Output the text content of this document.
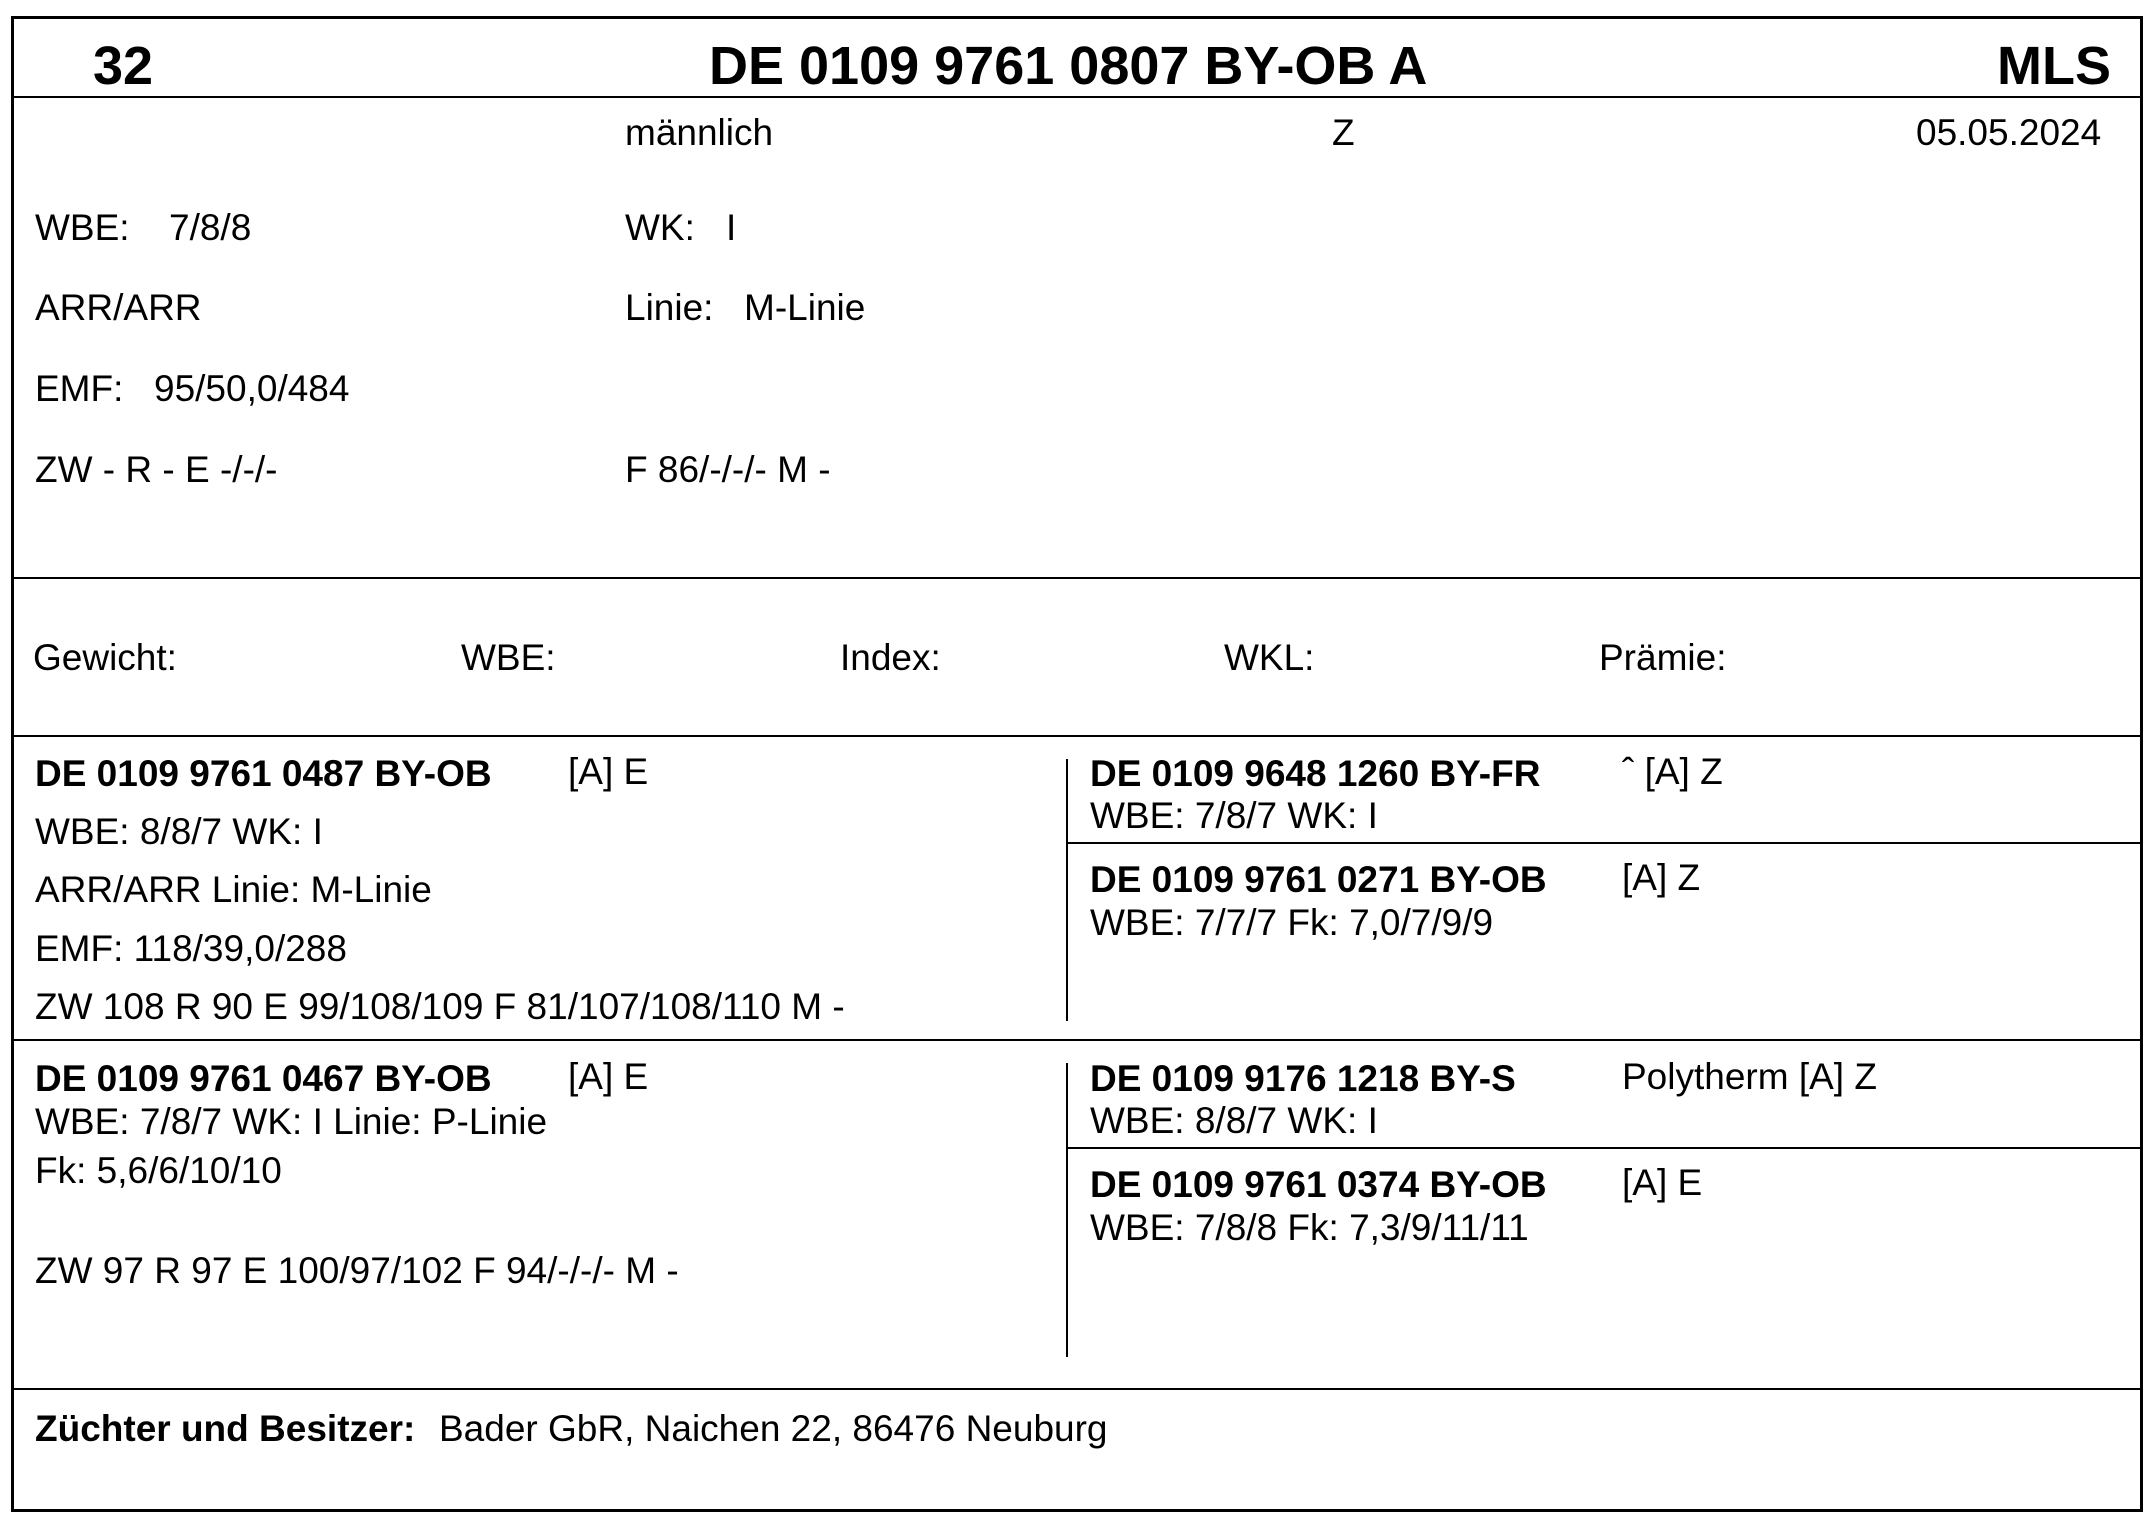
32	DE 0109 9761 0807 BY-OB A	MLS
männlich	Z	05.05.2024
WBE: 7/8/8	WK: I
ARR/ARR	Linie: M-Linie
EMF: 95/50,0/484
ZW - R - E -/-/-	F 86/-/-/- M -
Gewicht:	WBE:	Index:	WKL:	Prämie:
DE 0109 9761 0487 BY-OB [A] E
WBE: 8/8/7 WK: I
ARR/ARR Linie: M-Linie
EMF: 118/39,0/288
ZW 108 R 90 E 99/108/109 F 81/107/108/110 M -
DE 0109 9648 1260 BY-FR ˆ [A] Z
WBE: 7/8/7 WK: I
DE 0109 9761 0271 BY-OB [A] Z
WBE: 7/7/7 Fk: 7,0/7/9/9
DE 0109 9761 0467 BY-OB [A] E
WBE: 7/8/7 WK: I Linie: P-Linie
Fk: 5,6/6/10/10
ZW 97 R 97 E 100/97/102 F 94/-/-/- M -
DE 0109 9176 1218 BY-S	Polytherm [A] Z
WBE: 8/8/7 WK: I
DE 0109 9761 0374 BY-OB [A] E
WBE: 7/8/8 Fk: 7,3/9/11/11
Züchter und Besitzer: Bader GbR, Naichen 22, 86476 Neuburg
